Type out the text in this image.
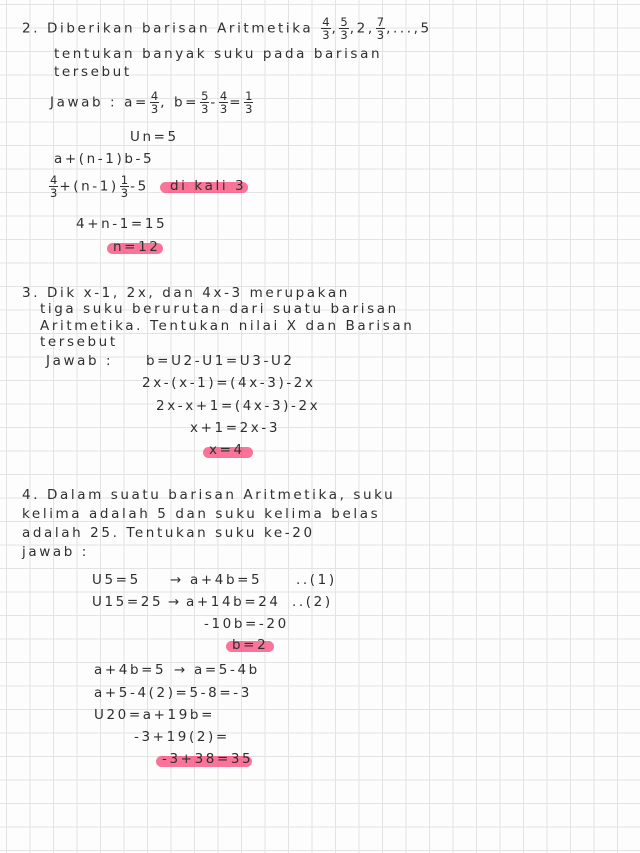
2. Diberikan barisan Aritmetika $\frac{4}{3}$ , $\frac{5}{3} ,2$, $\frac{7}{3} ,...,5$
tentukan banyak suku pada barisan
tersebut
Jawab : $a= \frac{4}{3}$ , $b= \frac{5}{3} - \frac{4}{3} = \frac{1}{3}$
Un=5
a+(n-1)b-5
$\frac{4}{3} +(n-1) \frac{1}{3} -5$ di kali 3
4+n-1=15
n=12
3. Dik x-1, 2x, dan 4x-3 merupakan
tiga suku berurutan dari suatu barisan
Aritmetika. Tentukan nilai X dan Barisan
tersebut
Jawab : b=U2-U1=U3-U2
2x-(x-1)=(4x-3)-2x
2x-x+1=(4x-3)-2x
x+1=2x-3
x=4
4. Dalam suatu barisan Aritmetika, suku
kelima adalah 5 dan suku kelima belas
adalah 25. Tentukan suku ke-20
jawab :
U5=5 → a+4b=5	..(1)
U15=25 → a+14b=24 ..(2)
-10b=-20
b=2
a+4b=5 → a=5-4b
a+5-4(2)=5-8=-3
U20=a+19b=
-3+19(2)=
-3+38=35
